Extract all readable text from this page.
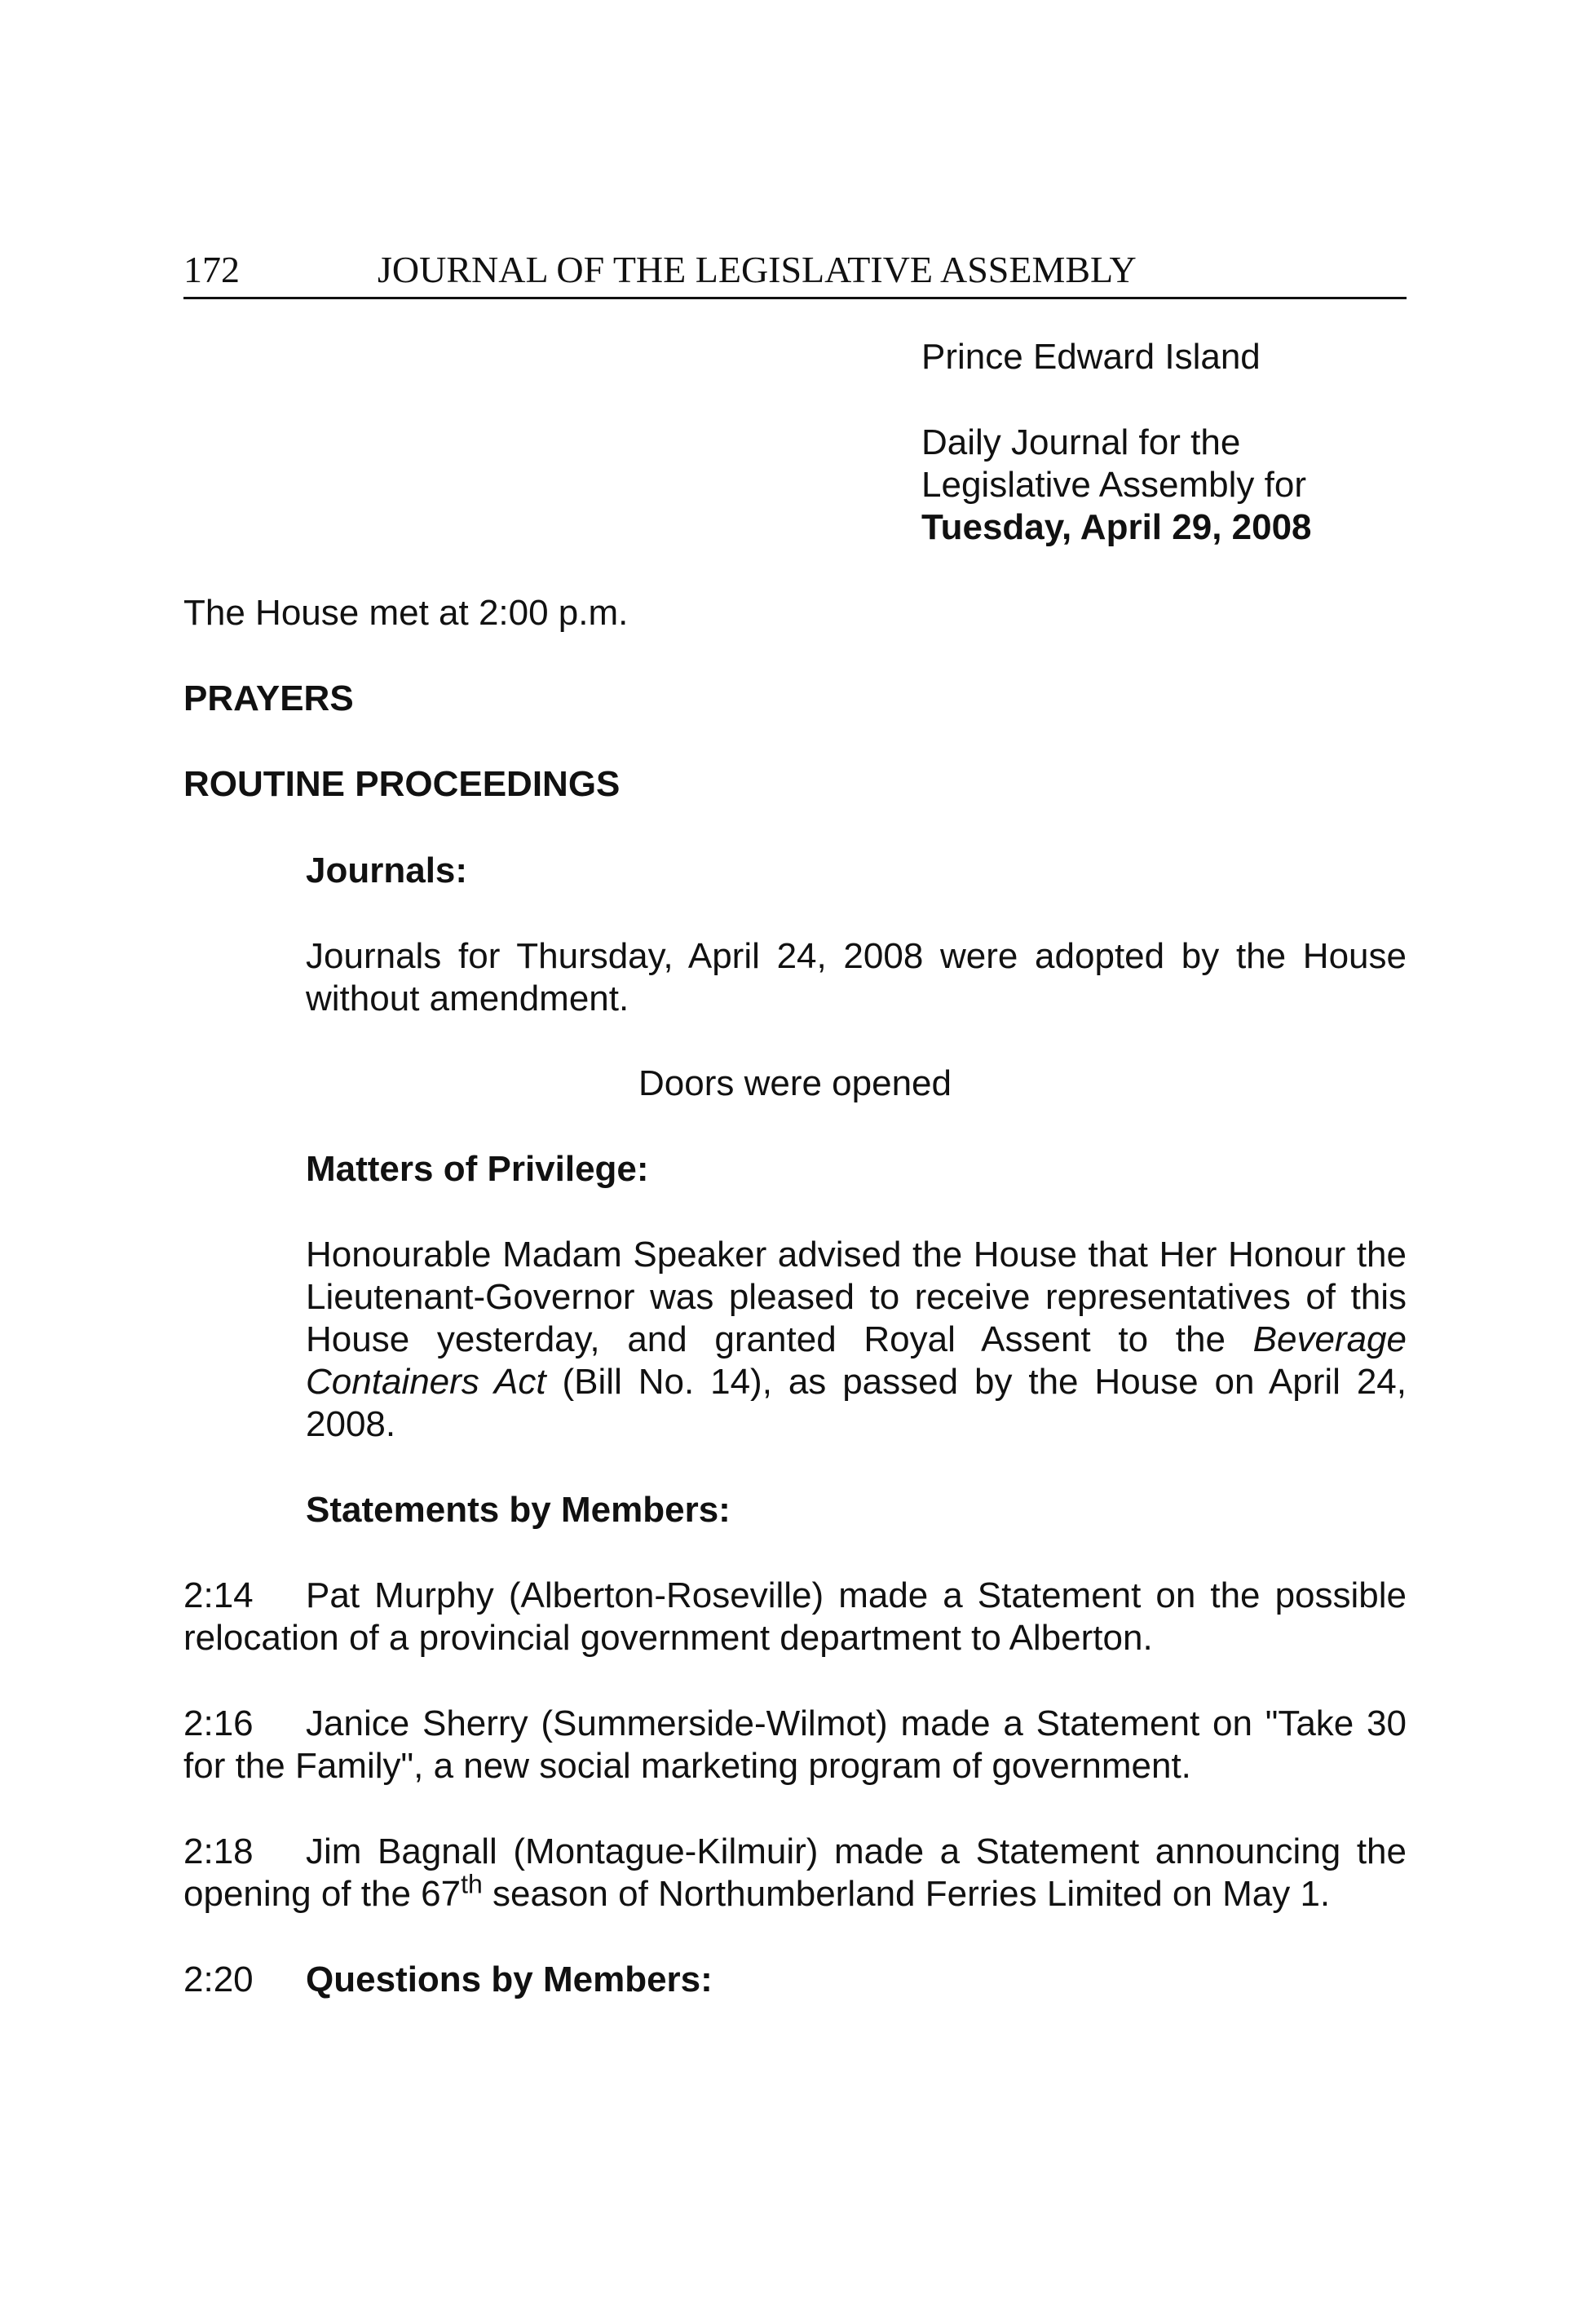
172	JOURNAL OF THE LEGISLATIVE ASSEMBLY
Prince Edward Island
Daily Journal for the
Legislative Assembly for
Tuesday, April 29, 2008
The House met at 2:00 p.m.
PRAYERS
ROUTINE PROCEEDINGS
Journals:

Journals for Thursday, April 24, 2008 were adopted by the House without amendment.

Doors were opened
Matters of Privilege:

Honourable Madam Speaker advised the House that Her Honour the Lieutenant-Governor was pleased to receive representatives of this House yesterday, and granted Royal Assent to the Beverage Containers Act (Bill No. 14), as passed by the House on April 24, 2008.

Statements by Members:

2:14 Pat Murphy (Alberton-Roseville) made a Statement on the possible relocation of a provincial government department to Alberton.

2:16 Janice Sherry (Summerside-Wilmot) made a Statement on "Take 30 for the Family", a new social marketing program of government.

2:18 Jim Bagnall (Montague-Kilmuir) made a Statement announcing the opening of the 67th season of Northumberland Ferries Limited on May 1.

2:20 Questions by Members:
